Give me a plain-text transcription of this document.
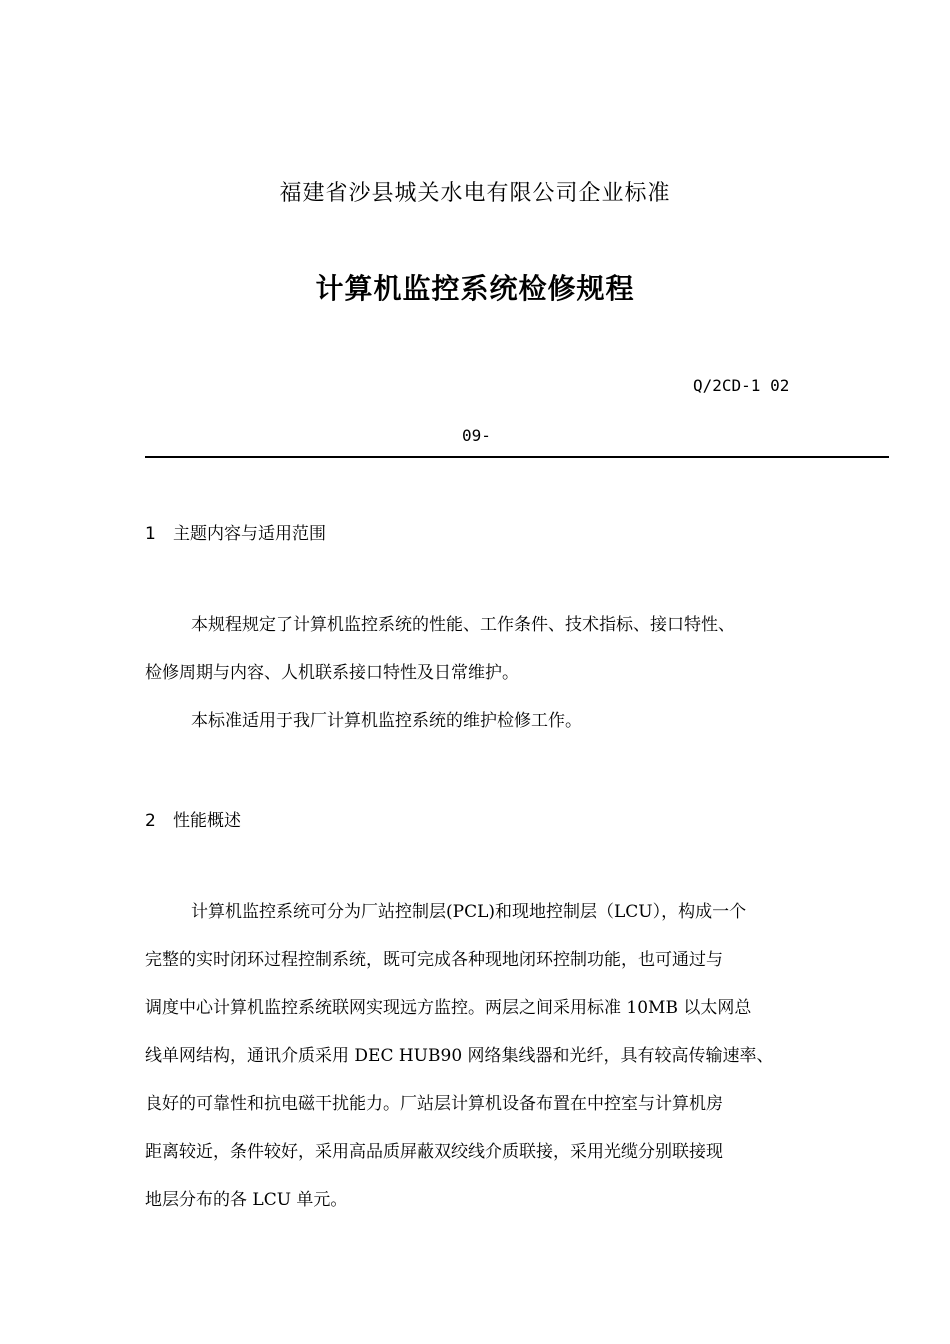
福建省沙县城关水电有限公司企业标准
计算机监控系统检修规程
Q/2CD-1 02
09-
1 主题内容与适用范围
本规程规定了计算机监控系统的性能、工作条件、技术指标、接口特性、
检修周期与内容、人机联系接口特性及日常维护。
本标准适用于我厂计算机监控系统的维护检修工作。
2 性能概述
计算机监控系统可分为厂站控制层(PCL)和现地控制层（LCU），构成一个
完整的实时闭环过程控制系统，既可完成各种现地闭环控制功能，也可通过与
调度中心计算机监控系统联网实现远方监控。两层之间采用标准 10MB 以太网总
线单网结构，通讯介质采用 DEC HUB90 网络集线器和光纤，具有较高传输速率、
良好的可靠性和抗电磁干扰能力。厂站层计算机设备布置在中控室与计算机房
距离较近，条件较好，采用高品质屏蔽双绞线介质联接，采用光缆分别联接现
地层分布的各 LCU 单元。
